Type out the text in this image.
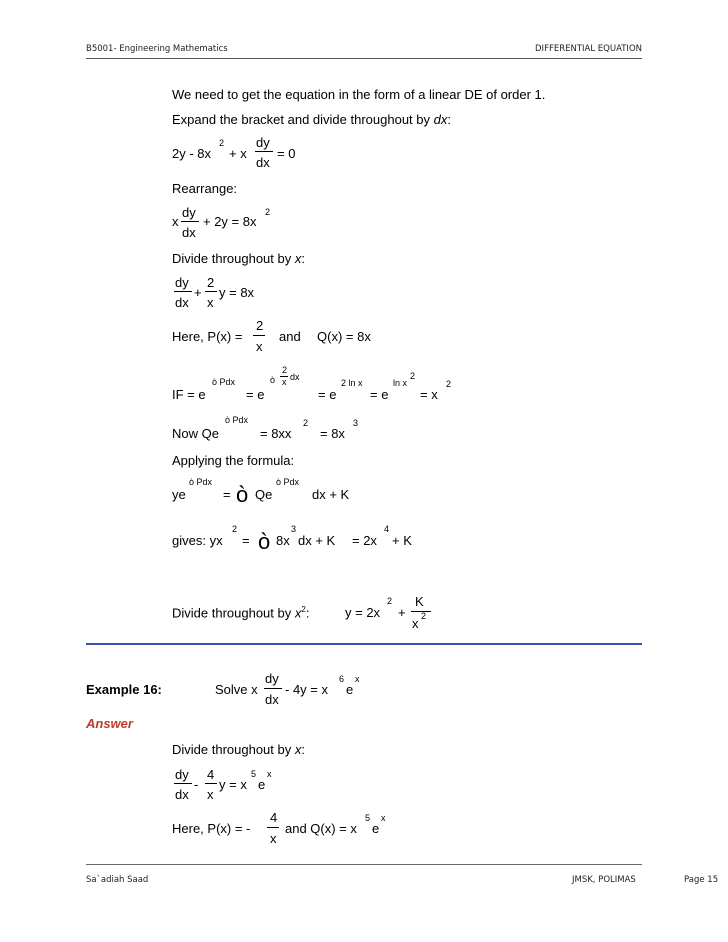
B5001- Engineering Mathematics	DIFFERENTIAL EQUATION
We need to get the equation in the form of a linear DE of order 1.
Expand the bracket and divide throughout by dx:
2y - 8x
2
+ x
dy
dx
= 0
Rearrange:
x
dy
dx
+ 2y = 8x
2
Divide throughout by x:
dy
dx
+
2
x
y = 8x
Here, P(x) =
2
x
and Q(x) = 8x
IF = e
ò Pdx
= e
ò
2
x dx
= e
2 ln x
= e
ln x
2
= x
2
Now Qe
ò Pdx
= 8xx
2
= 8x
3
Applying the formula:
ye
ò Pdx
= ò Qe
ò Pdx
dx + K
gives: yx
2
= ò 8x
3
dx + K = 2x
4
+ K
Divide throughout by $x^2$:	y = 2x
2
+
K
x 2
Example 16:	Solve x
dy
dx
- 4y = x
6
e
x
Answer
Divide throughout by x:
dy
dx
-
4
x
y = x
5
e
x
Here, P(x) = -
4
x
and Q(x) = x
5
e
x
Sa`adiah Saad	JMSK, POLIMAS	Page 15
